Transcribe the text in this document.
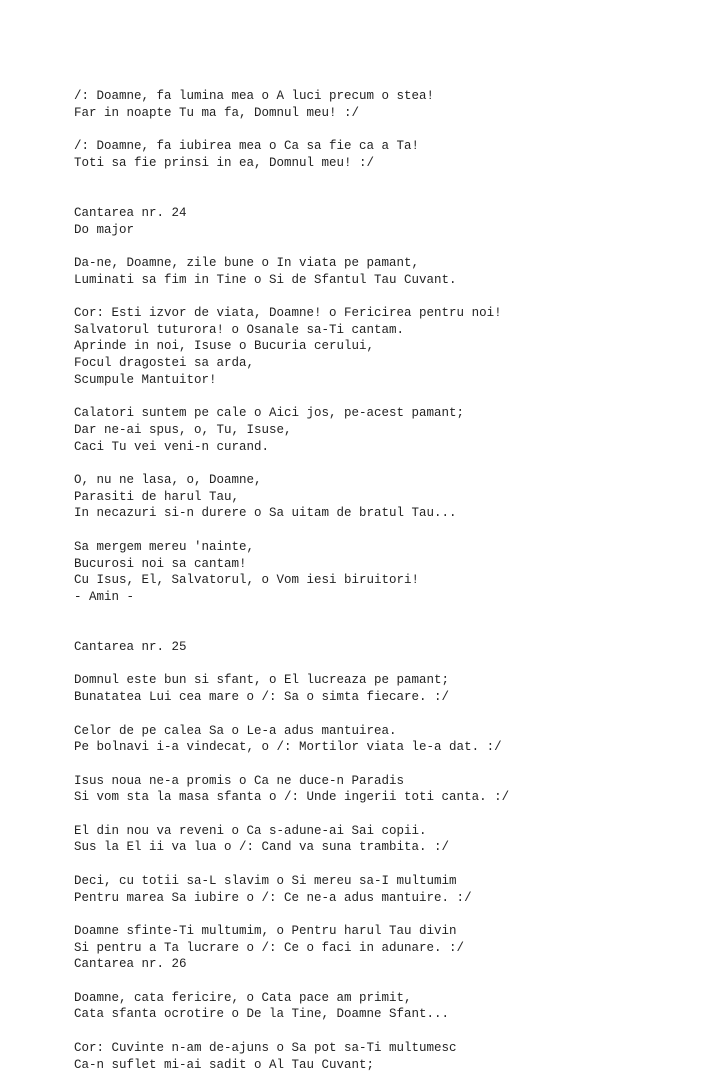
/: Doamne, fa lumina mea o A luci precum o stea!
Far in noapte Tu ma fa, Domnul meu! :/
/: Doamne, fa iubirea mea o Ca sa fie ca a Ta!
Toti sa fie prinsi in ea, Domnul meu! :/
Cantarea nr. 24
Do major
Da-ne, Doamne, zile bune o In viata pe pamant,
Luminati sa fim in Tine o Si de Sfantul Tau Cuvant.
Cor: Esti izvor de viata, Doamne! o Fericirea pentru noi!
Salvatorul tuturora! o Osanale sa-Ti cantam.
Aprinde in noi, Isuse o Bucuria cerului,
Focul dragostei sa arda,
Scumpule Mantuitor!
Calatori suntem pe cale o Aici jos, pe-acest pamant;
Dar ne-ai spus, o, Tu, Isuse,
Caci Tu vei veni-n curand.
O, nu ne lasa, o, Doamne,
Parasiti de harul Tau,
In necazuri si-n durere o Sa uitam de bratul Tau...
Sa mergem mereu 'nainte,
Bucurosi noi sa cantam!
Cu Isus, El, Salvatorul, o Vom iesi biruitori!
- Amin -
Cantarea nr. 25
Domnul este bun si sfant, o El lucreaza pe pamant;
Bunatatea Lui cea mare o /: Sa o simta fiecare. :/
Celor de pe calea Sa o Le-a adus mantuirea.
Pe bolnavi i-a vindecat, o /: Mortilor viata le-a dat. :/
Isus noua ne-a promis o Ca ne duce-n Paradis
Si vom sta la masa sfanta o /: Unde ingerii toti canta. :/
El din nou va reveni o Ca s-adune-ai Sai copii.
Sus la El ii va lua o /: Cand va suna trambita. :/
Deci, cu totii sa-L slavim o Si mereu sa-I multumim
Pentru marea Sa iubire o /: Ce ne-a adus mantuire. :/
Doamne sfinte-Ti multumim, o Pentru harul Tau divin
Si pentru a Ta lucrare o /: Ce o faci in adunare. :/
Cantarea nr. 26
Doamne, cata fericire, o Cata pace am primit,
Cata sfanta ocrotire o De la Tine, Doamne Sfant...
Cor: Cuvinte n-am de-ajuns o Sa pot sa-Ti multumesc
Ca-n suflet mi-ai sadit o Al Tau Cuvant;
